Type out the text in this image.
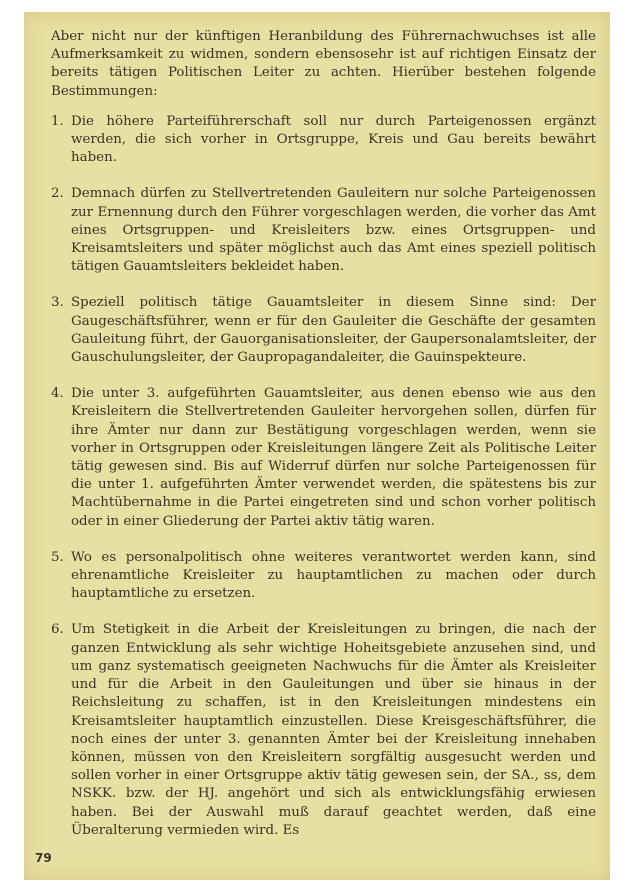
Aber nicht nur der künftigen Heranbildung des Führernachwuchses ist alle Aufmerksamkeit zu widmen, sondern ebensosehr ist auf richtigen Einsatz der bereits tätigen Politischen Leiter zu achten. Hierüber bestehen folgende Bestimmungen:

1. Die höhere Parteiführerschaft soll nur durch Parteigenossen ergänzt werden, die sich vorher in Ortsgruppe, Kreis und Gau bereits bewährt haben.
2. Demnach dürfen zu Stellvertretenden Gauleitern nur solche Parteigenossen zur Ernennung durch den Führer vorgeschlagen werden, die vorher das Amt eines Ortsgruppen- und Kreisleiters bzw. eines Ortsgruppen- und Kreisamtsleiters und später möglichst auch das Amt eines speziell politisch tätigen Gauamtsleiters bekleidet haben.
3. Speziell politisch tätige Gauamtsleiter in diesem Sinne sind: Der Gaugeschäftsführer, wenn er für den Gauleiter die Geschäfte der gesamten Gauleitung führt, der Gauorganisationsleiter, der Gaupersonalamtsleiter, der Gauschulungsleiter, der Gaupropagandaleiter, die Gauinspekteure.
4. Die unter 3. aufgeführten Gauamtsleiter, aus denen ebenso wie aus den Kreisleitern die Stellvertretenden Gauleiter hervorgehen sollen, dürfen für ihre Ämter nur dann zur Bestätigung vorgeschlagen werden, wenn sie vorher in Ortsgruppen oder Kreisleitungen längere Zeit als Politische Leiter tätig gewesen sind. Bis auf Widerruf dürfen nur solche Parteigenossen für die unter 1. aufgeführten Ämter verwendet werden, die spätestens bis zur Machtübernahme in die Partei eingetreten sind und schon vorher politisch oder in einer Gliederung der Partei aktiv tätig waren.
5. Wo es personalpolitisch ohne weiteres verantwortet werden kann, sind ehrenamtliche Kreisleiter zu hauptamtlichen zu machen oder durch hauptamtliche zu ersetzen.
6. Um Stetigkeit in die Arbeit der Kreisleitungen zu bringen, die nach der ganzen Entwicklung als sehr wichtige Hoheitsgebiete anzusehen sind, und um ganz systematisch geeigneten Nachwuchs für die Ämter als Kreisleiter und für die Arbeit in den Gauleitungen und über sie hinaus in der Reichsleitung zu schaffen, ist in den Kreisleitungen mindestens ein Kreisamtsleiter hauptamtlich einzustellen. Diese Kreisgeschäftsführer, die noch eines der unter 3. genannten Ämter bei der Kreisleitung innehaben können, müssen von den Kreisleitern sorgfältig ausgesucht werden und sollen vorher in einer Ortsgruppe aktiv tätig gewesen sein, der SA., ss, dem NSKK. bzw. der HJ. angehört und sich als entwicklungsfähig erwiesen haben. Bei der Auswahl muß darauf geachtet werden, daß eine Überalterung vermieden wird. Es
79
